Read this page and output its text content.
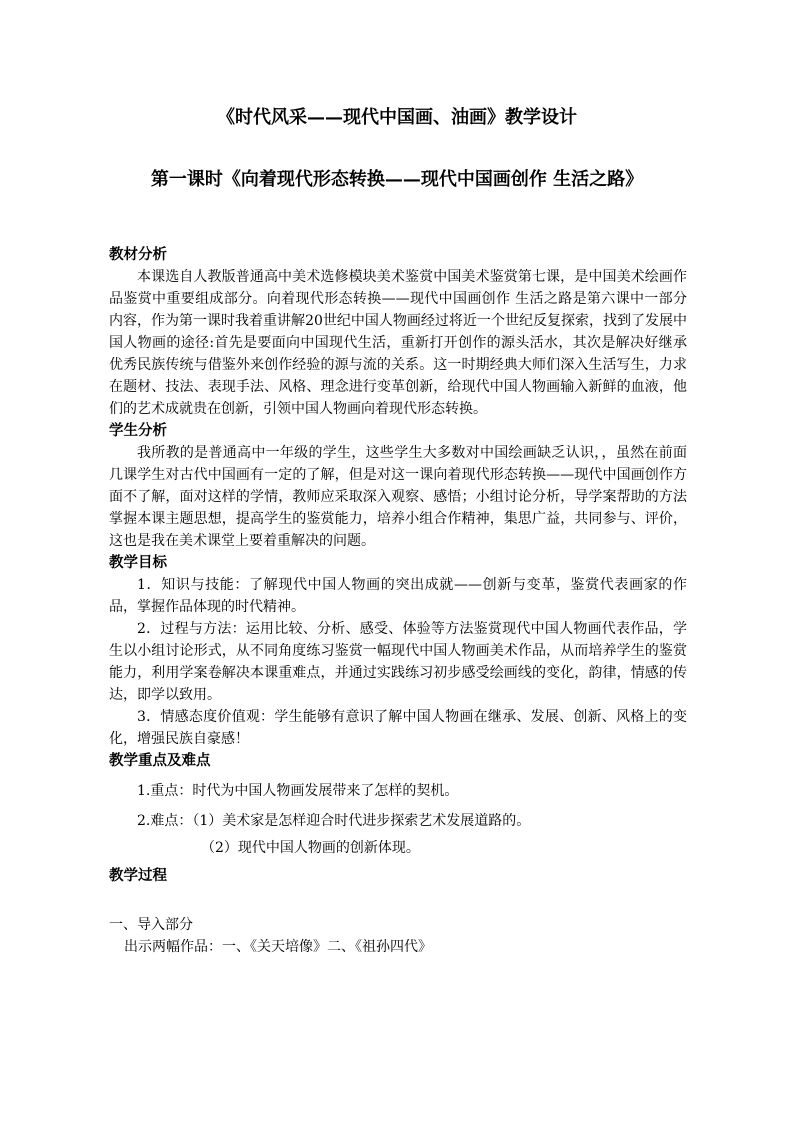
《时代风采——现代中国画、油画》教学设计
第一课时《向着现代形态转换——现代中国画创作 生活之路》
教材分析
本课选自人教版普通高中美术选修模块美术鉴赏中国美术鉴赏第七课，是中国美术绘画作品鉴赏中重要组成部分。向着现代形态转换——现代中国画创作 生活之路是第六课中一部分内容，作为第一课时我着重讲解20世纪中国人物画经过将近一个世纪反复探索，找到了发展中国人物画的途径:首先是要面向中国现代生活，重新打开创作的源头活水，其次是解决好继承优秀民族传统与借鉴外来创作经验的源与流的关系。这一时期经典大师们深入生活写生，力求在题材、技法、表现手法、风格、理念进行变革创新，给现代中国人物画输入新鲜的血液，他们的艺术成就贵在创新，引领中国人物画向着现代形态转换。
学生分析
我所教的是普通高中一年级的学生，这些学生大多数对中国绘画缺乏认识，，虽然在前面几课学生对古代中国画有一定的了解，但是对这一课向着现代形态转换——现代中国画创作方面不了解，面对这样的学情，教师应采取深入观察、感悟；小组讨论分析，导学案帮助的方法掌握本课主题思想，提高学生的鉴赏能力，培养小组合作精神，集思广益，共同参与、评价，这也是我在美术课堂上要着重解决的问题。
教学目标
1．知识与技能：了解现代中国人物画的突出成就——创新与变革，鉴赏代表画家的作品，掌握作品体现的时代精神。
2．过程与方法：运用比较、分析、感受、体验等方法鉴赏现代中国人物画代表作品，学生以小组讨论形式，从不同角度练习鉴赏一幅现代中国人物画美术作品，从而培养学生的鉴赏能力，利用学案卷解决本课重难点，并通过实践练习初步感受绘画线的变化，韵律，情感的传达，即学以致用。
3．情感态度价值观：学生能够有意识了解中国人物画在继承、发展、创新、风格上的变化，增强民族自豪感！
教学重点及难点
1.重点：时代为中国人物画发展带来了怎样的契机。
2.难点：（1）美术家是怎样迎合时代进步探索艺术发展道路的。
（2）现代中国人物画的创新体现。
教学过程
一、导入部分
出示两幅作品：一、《关天培像》二、《祖孙四代》
